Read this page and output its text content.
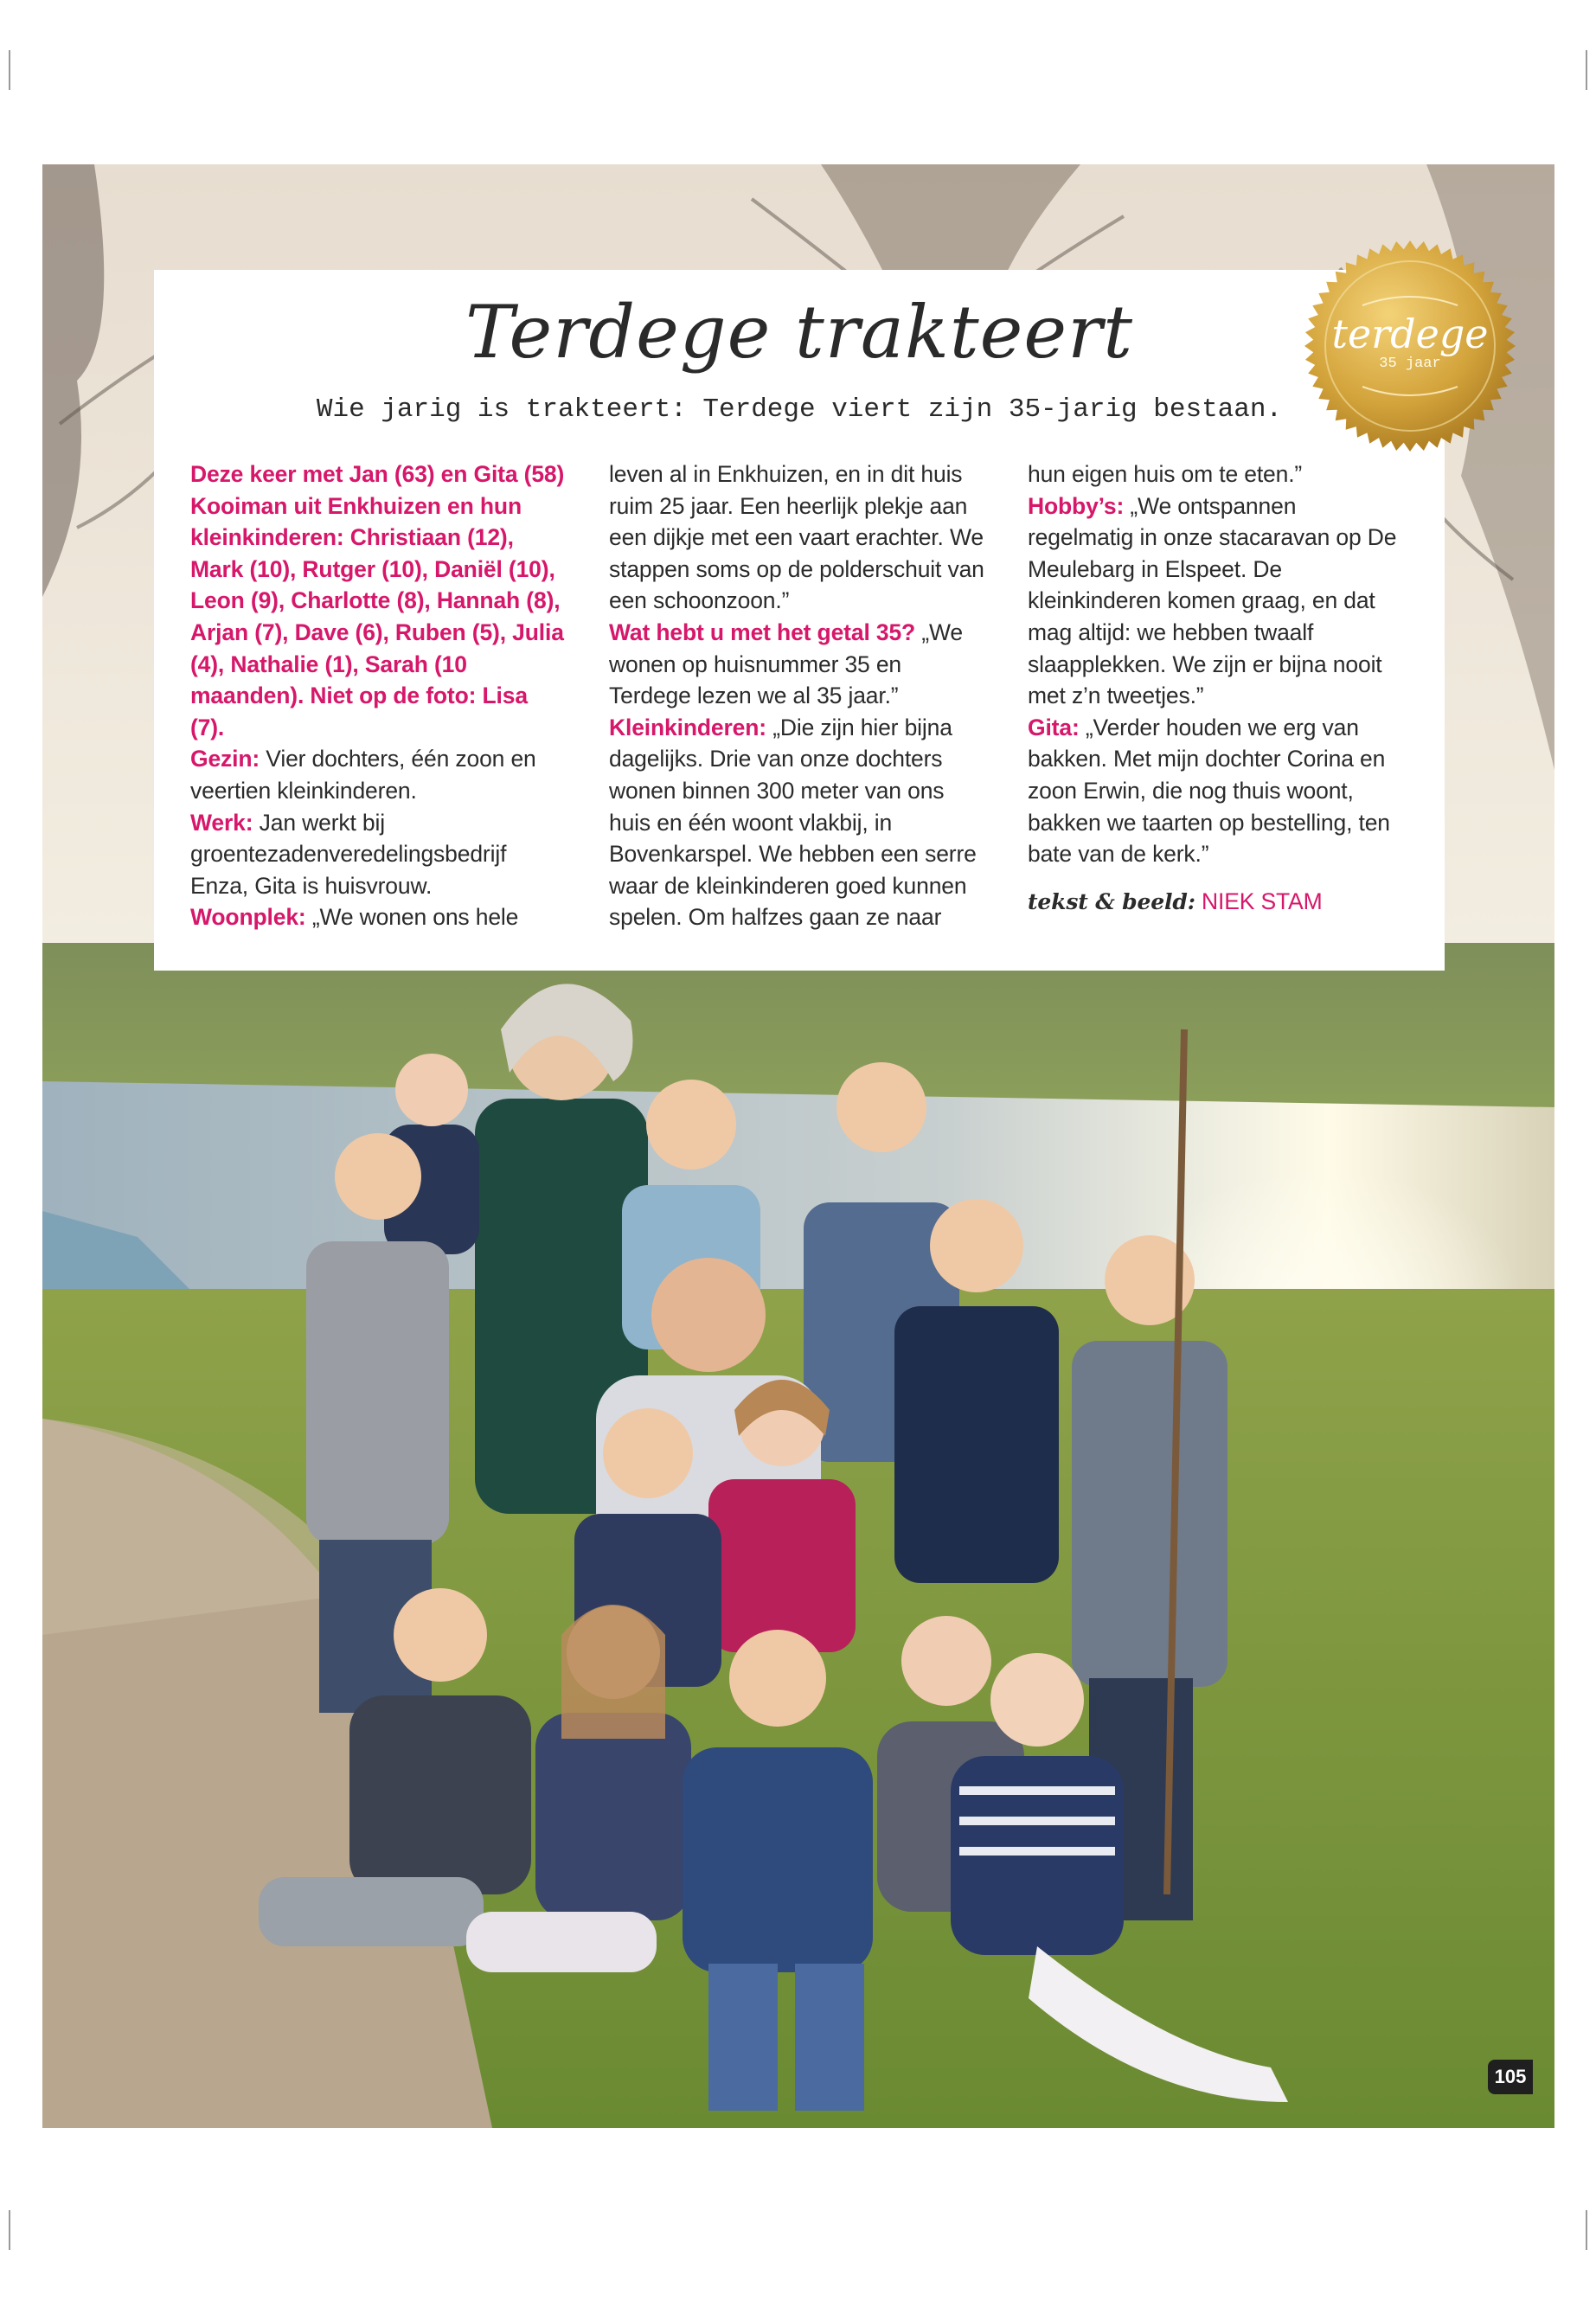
Terdege trakteert
Wie jarig is trakteert: Terdege viert zijn 35-jarig bestaan.

Deze keer met Jan (63) en Gita (58) Kooiman uit Enkhuizen en hun kleinkinderen: Christiaan (12), Mark (10), Rutger (10), Daniël (10), Leon (9), Charlotte (8), Hannah (8), Arjan (7), Dave (6), Ruben (5), Julia (4), Nathalie (1), Sarah (10 maanden). Niet op de foto: Lisa (7).

Gezin: Vier dochters, één zoon en veertien kleinkinderen.

Werk: Jan werkt bij groentezadenveredelingsbedrijf Enza, Gita is huisvrouw.

Woonplek: „We wonen ons hele

leven al in Enkhuizen, en in dit huis ruim 25 jaar. Een heerlijk plekje aan een dijkje met een vaart erachter. We stappen soms op de polderschuit van een schoonzoon.”

Wat hebt u met het getal 35? „We wonen op huisnummer 35 en Terdege lezen we al 35 jaar.”

Kleinkinderen: „Die zijn hier bijna dagelijks. Drie van onze dochters wonen binnen 300 meter van ons huis en één woont vlakbij, in Bovenkarspel. We hebben een serre waar de kleinkinderen goed kunnen spelen. Om halfzes gaan ze naar

hun eigen huis om te eten.”

Hobby’s: „We ontspannen regelmatig in onze stacaravan op De Meulebarg in Elspeet. De kleinkinderen komen graag, en dat mag altijd: we hebben twaalf slaapplekken. We zijn er bijna nooit met z’n tweetjes.”

Gita: „Verder houden we erg van bakken. Met mijn dochter Corina en zoon Erwin, die nog thuis woont, bakken we taarten op bestelling, ten bate van de kerk.”

tekst & beeld: NIEK STAM

terdege
35 jaar
105
